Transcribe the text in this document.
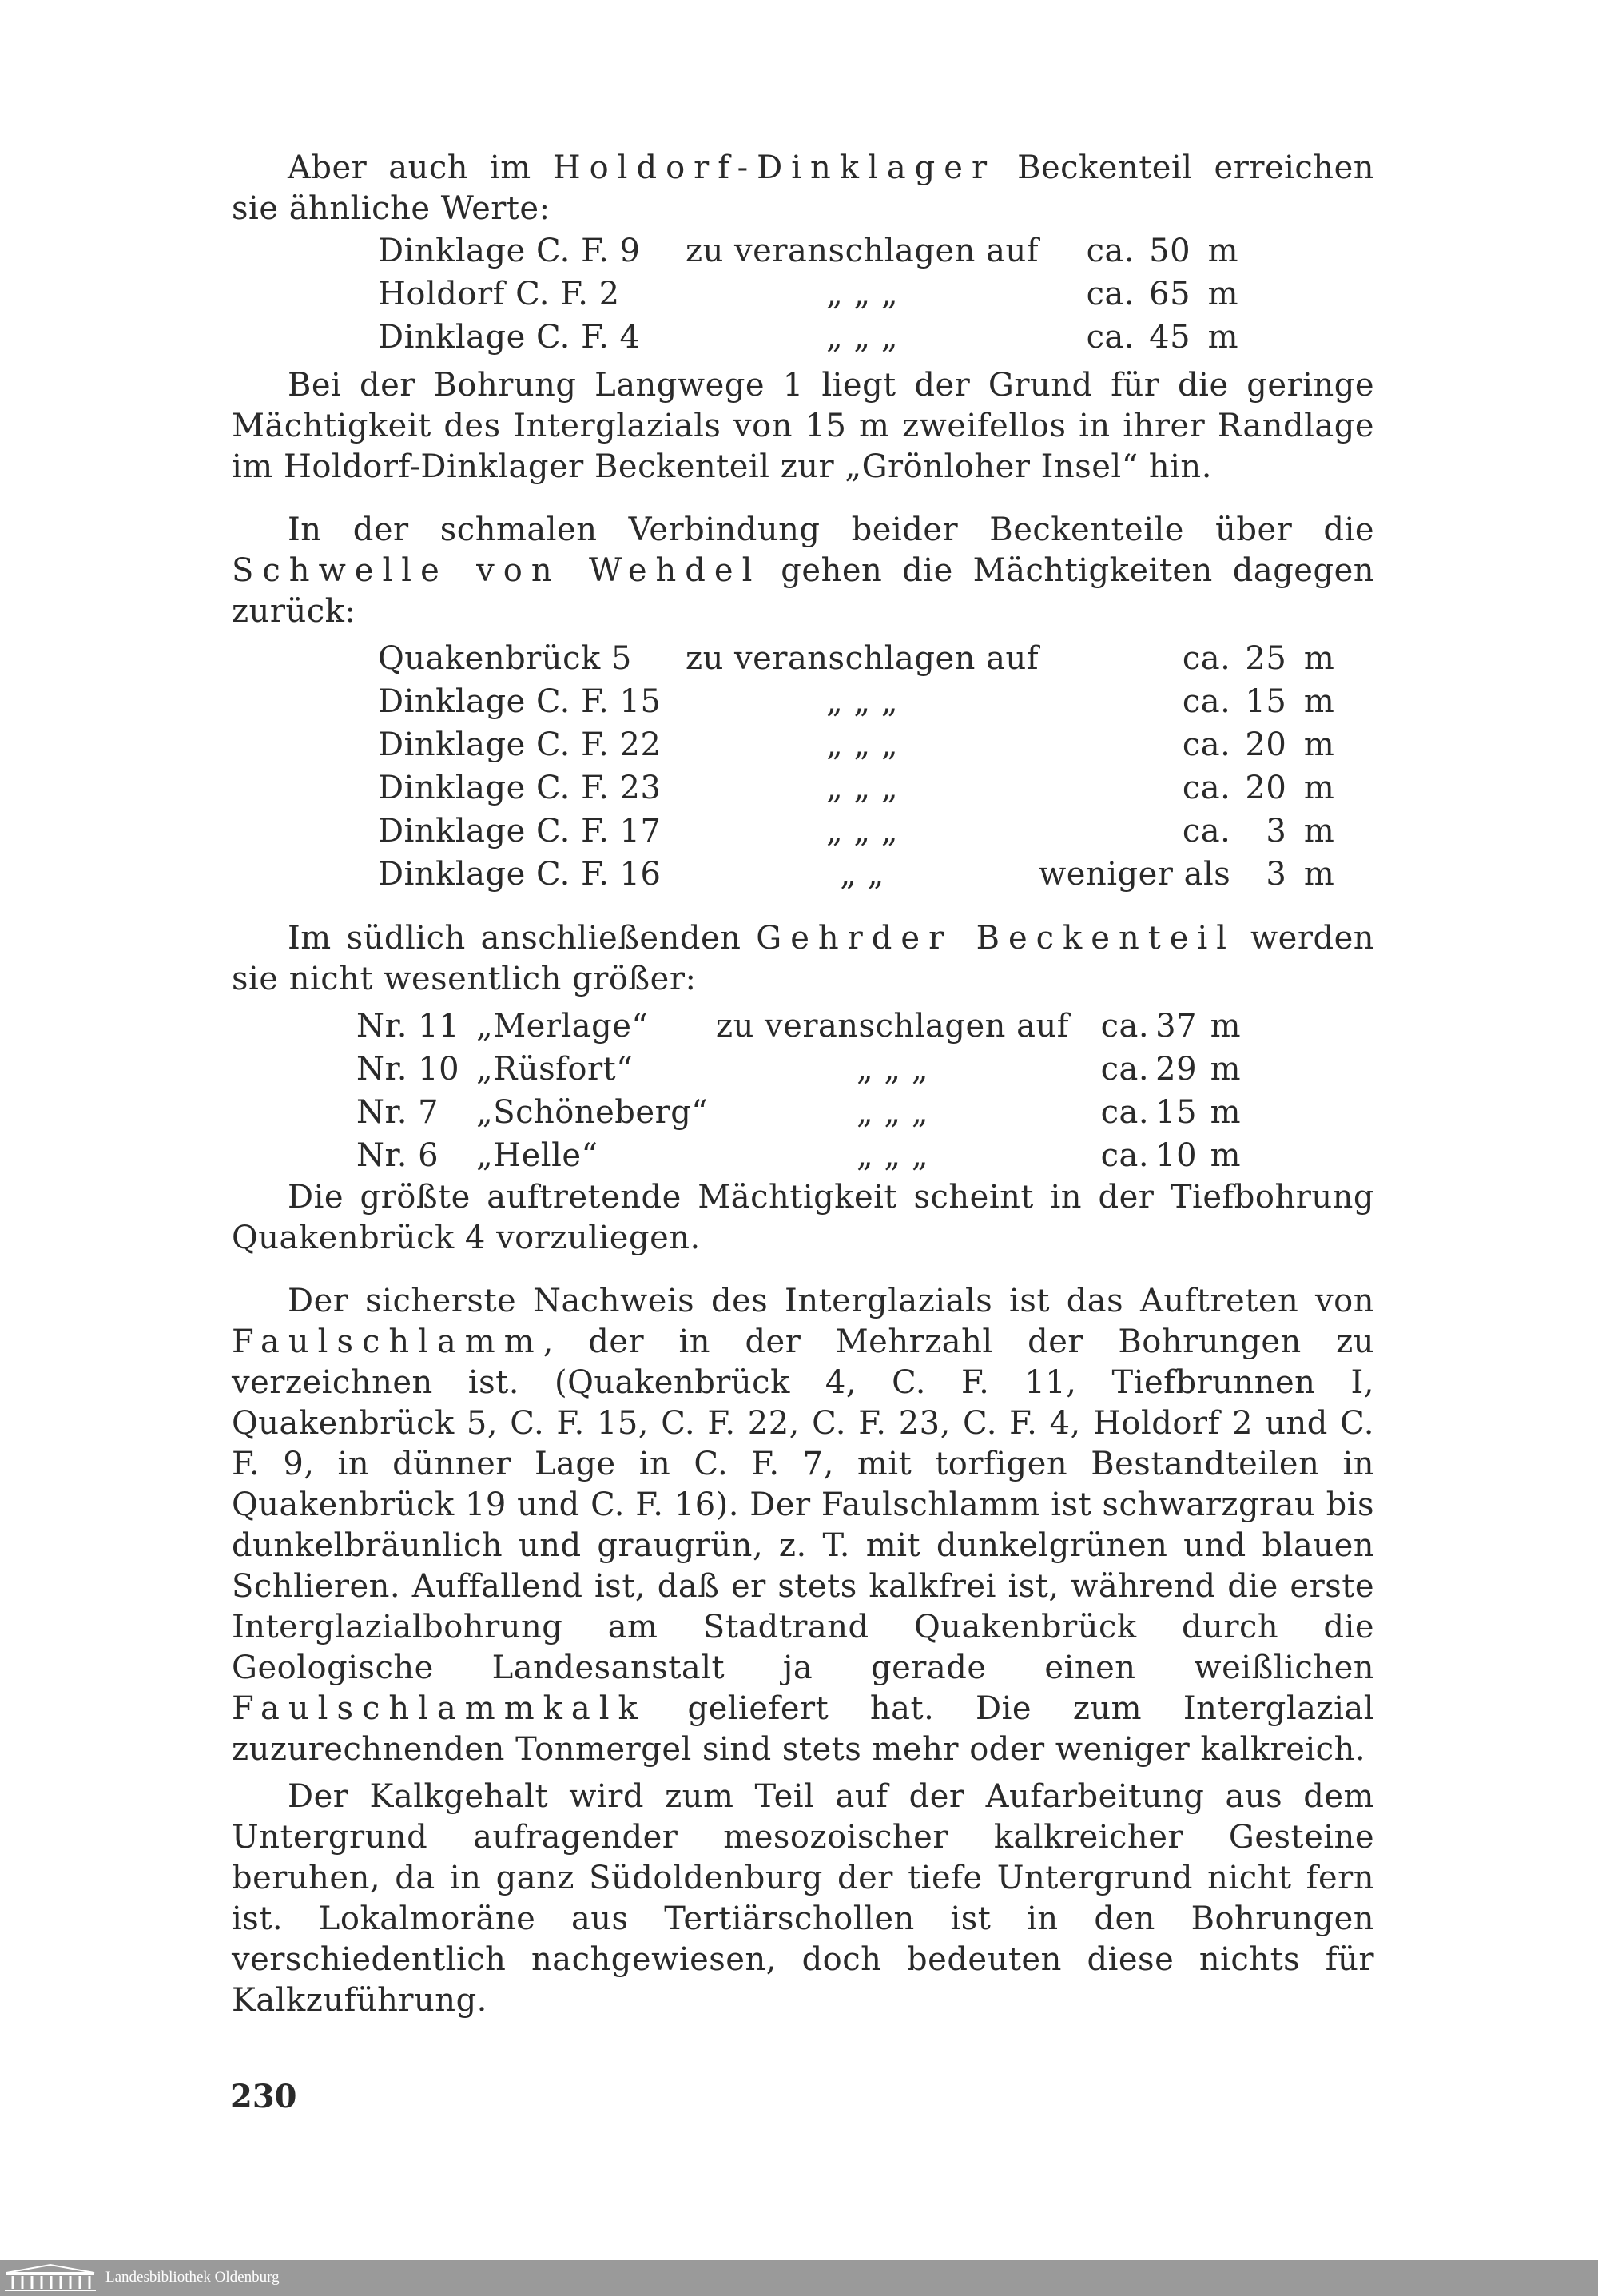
Aber auch im Holdorf-Dinklager Beckenteil erreichen sie ähnliche Werte:

Dinklage C. F. 9	zu veranschlagen auf	ca.	50	m
Holdorf C. F. 2	„ „ „	ca.	65	m
Dinklage C. F. 4	„ „ „	ca.	45	m

Bei der Bohrung Langwege 1 liegt der Grund für die geringe Mächtigkeit des Interglazials von 15 m zweifellos in ihrer Randlage im Holdorf-Dinklager Beckenteil zur „Grönloher Insel“ hin.

In der schmalen Verbindung beider Beckenteile über die Schwelle von Wehdel gehen die Mächtigkeiten dagegen zurück:

Quakenbrück 5	zu veranschlagen auf	ca.	25	m
Dinklage C. F. 15	„ „ „	ca.	15	m
Dinklage C. F. 22	„ „ „	ca.	20	m
Dinklage C. F. 23	„ „ „	ca.	20	m
Dinklage C. F. 17	„ „ „	ca.	3	m
Dinklage C. F. 16	„ „	weniger als	3	m

Im südlich anschließenden Gehrder Beckenteil werden sie nicht wesentlich größer:

Nr. 11	„Merlage“	zu veranschlagen auf	ca.	37	m
Nr. 10	„Rüsfort“	„ „ „	ca.	29	m
Nr. 7	„Schöneberg“	„ „ „	ca.	15	m
Nr. 6	„Helle“	„ „ „	ca.	10	m

Die größte auftretende Mächtigkeit scheint in der Tiefbohrung Quakenbrück 4 vorzuliegen.

Der sicherste Nachweis des Interglazials ist das Auftreten von Faulschlamm, der in der Mehrzahl der Bohrungen zu verzeichnen ist. (Quakenbrück 4, C. F. 11, Tiefbrunnen I, Quakenbrück 5, C. F. 15, C. F. 22, C. F. 23, C. F. 4, Holdorf 2 und C. F. 9, in dünner Lage in C. F. 7, mit torfigen Bestandteilen in Quakenbrück 19 und C. F. 16). Der Faulschlamm ist schwarzgrau bis dunkelbräunlich und graugrün, z. T. mit dunkelgrünen und blauen Schlieren. Auffallend ist, daß er stets kalkfrei ist, während die erste Interglazialbohrung am Stadtrand Quakenbrück durch die Geologische Landesanstalt ja gerade einen weißlichen Faulschlammkalk geliefert hat. Die zum Interglazial zuzurechnenden Tonmergel sind stets mehr oder weniger kalkreich.

Der Kalkgehalt wird zum Teil auf der Aufarbeitung aus dem Untergrund aufragender mesozoischer kalkreicher Gesteine beruhen, da in ganz Südoldenburg der tiefe Untergrund nicht fern ist. Lokalmoräne aus Tertiärschollen ist in den Bohrungen verschiedentlich nachgewiesen, doch bedeuten diese nichts für Kalkzuführung.

230
Landesbibliothek Oldenburg
